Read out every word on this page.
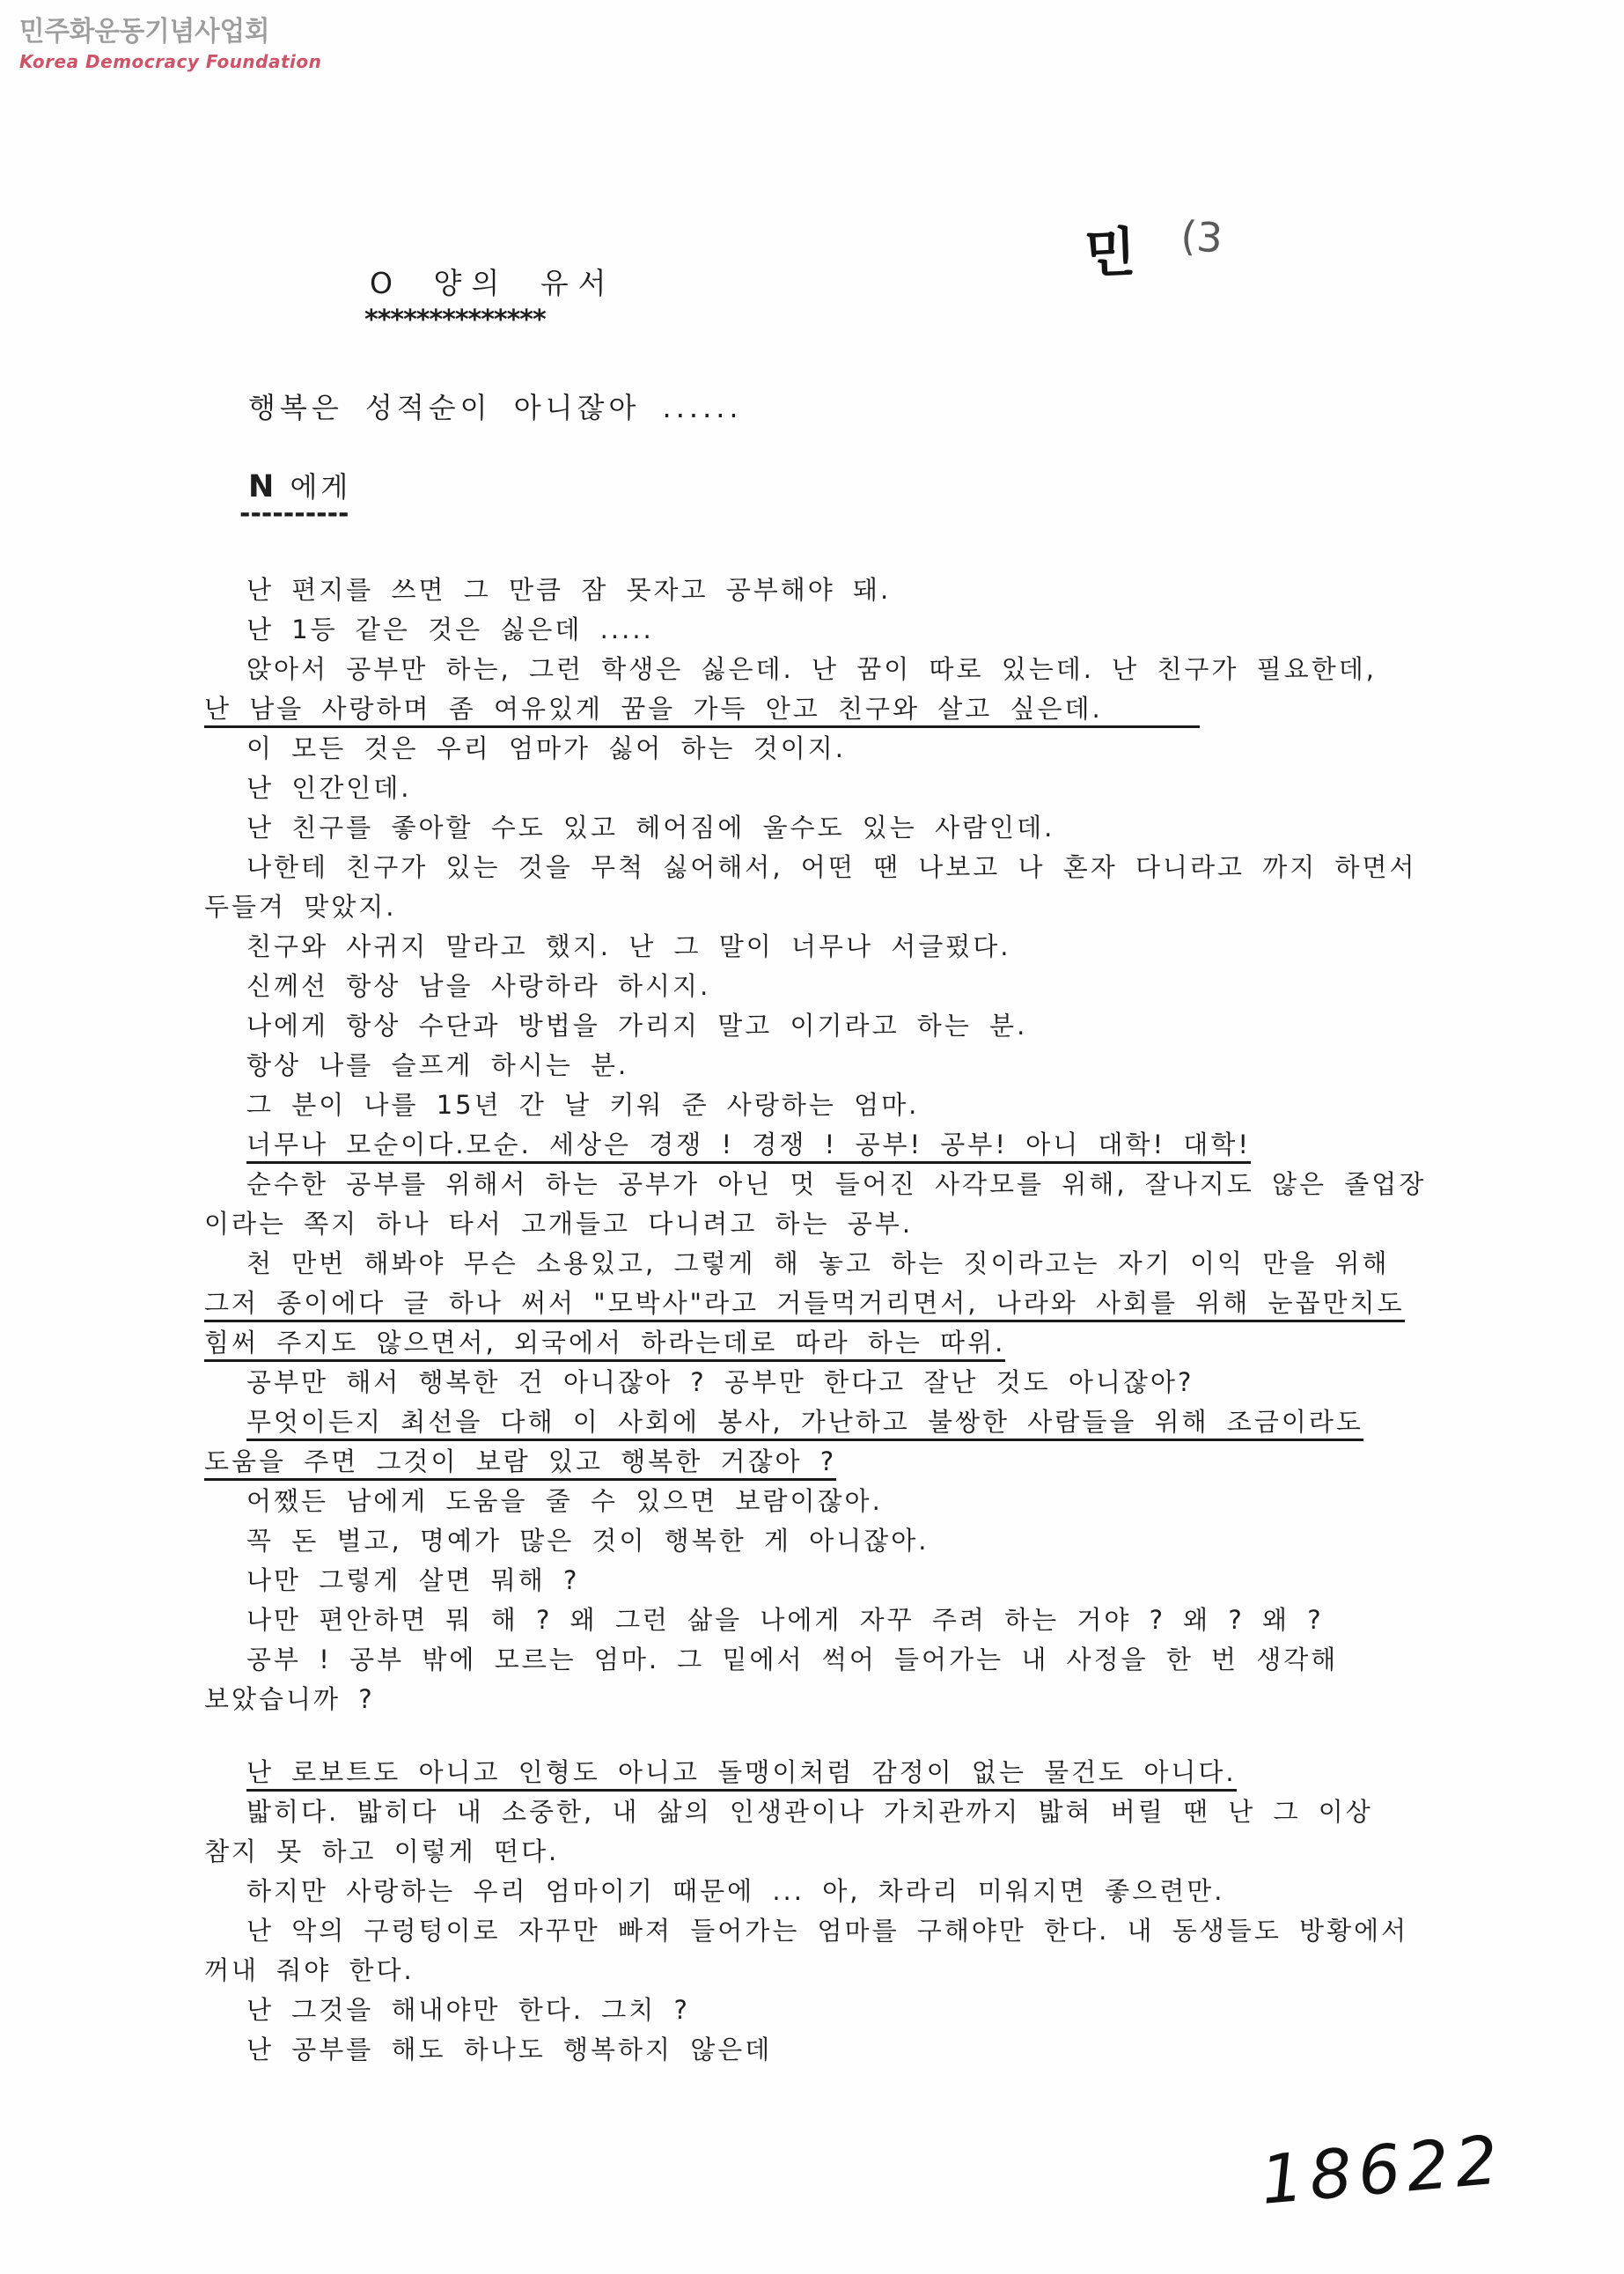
민주화운동기념사업회
Korea Democracy Foundation
민 (3
O 양의 유서
**************
행복은 성적순이 아니잖아 ......
N 에게
----------
난 편지를 쓰면 그 만큼 잠 못자고 공부해야 돼.
난 1등 같은 것은 싫은데 .....
앉아서 공부만 하는, 그런 학생은 싫은데. 난 꿈이 따로 있는데. 난 친구가 필요한데,
난 남을 사랑하며 좀 여유있게 꿈을 가득 안고 친구와 살고 싶은데.
이 모든 것은 우리 엄마가 싫어 하는 것이지.
난 인간인데.
난 친구를 좋아할 수도 있고 헤어짐에 울수도 있는 사람인데.
나한테 친구가 있는 것을 무척 싫어해서, 어떤 땐 나보고 나 혼자 다니라고 까지 하면서
두들겨 맞았지.
친구와 사귀지 말라고 했지. 난 그 말이 너무나 서글펐다.
신께선 항상 남을 사랑하라 하시지.
나에게 항상 수단과 방법을 가리지 말고 이기라고 하는 분.
항상 나를 슬프게 하시는 분.
그 분이 나를 15년 간 날 키워 준 사랑하는 엄마.
너무나 모순이다.모순. 세상은 경쟁 ! 경쟁 ! 공부! 공부! 아니 대학! 대학!
순수한 공부를 위해서 하는 공부가 아닌 멋 들어진 사각모를 위해, 잘나지도 않은 졸업장
이라는 쪽지 하나 타서 고개들고 다니려고 하는 공부.
천 만번 해봐야 무슨 소용있고, 그렇게 해 놓고 하는 짓이라고는 자기 이익 만을 위해
그저 종이에다 글 하나 써서 "모박사"라고 거들먹거리면서, 나라와 사회를 위해 눈꼽만치도
힘써 주지도 않으면서, 외국에서 하라는데로 따라 하는 따위.
공부만 해서 행복한 건 아니잖아 ? 공부만 한다고 잘난 것도 아니잖아?
무엇이든지 최선을 다해 이 사회에 봉사, 가난하고 불쌍한 사람들을 위해 조금이라도
도움을 주면 그것이 보람 있고 행복한 거잖아 ?
어쨌든 남에게 도움을 줄 수 있으면 보람이잖아.
꼭 돈 벌고, 명예가 많은 것이 행복한 게 아니잖아.
나만 그렇게 살면 뭐해 ?
나만 편안하면 뭐 해 ? 왜 그런 삶을 나에게 자꾸 주려 하는 거야 ? 왜 ? 왜 ?
공부 ! 공부 밖에 모르는 엄마. 그 밑에서 썩어 들어가는 내 사정을 한 번 생각해
보았습니까 ?
난 로보트도 아니고 인형도 아니고 돌맹이처럼 감정이 없는 물건도 아니다.
밟히다. 밟히다 내 소중한, 내 삶의 인생관이나 가치관까지 밟혀 버릴 땐 난 그 이상
참지 못 하고 이렇게 떤다.
하지만 사랑하는 우리 엄마이기 때문에 ... 아, 차라리 미워지면 좋으련만.
난 악의 구렁텅이로 자꾸만 빠져 들어가는 엄마를 구해야만 한다. 내 동생들도 방황에서
꺼내 줘야 한다.
난 그것을 해내야만 한다. 그치 ?
난 공부를 해도 하나도 행복하지 않은데
18622
